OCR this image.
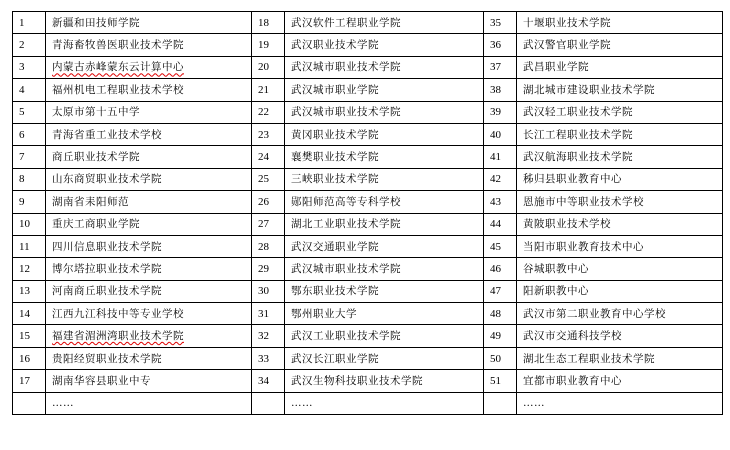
1	新疆和田技师学院	18	武汉软件工程职业学院	35	十堰职业技术学院
2	青海畜牧兽医职业技术学院	19	武汉职业技术学院	36	武汉警官职业学院
3	内蒙古赤峰蒙东云计算中心	20	武汉城市职业技术学院	37	武昌职业学院
4	福州机电工程职业技术学校	21	武汉城市职业学院	38	湖北城市建设职业技术学院
5	太原市第十五中学	22	武汉城市职业技术学院	39	武汉轻工职业技术学院
6	青海省重工业技术学校	23	黄冈职业技术学院	40	长江工程职业技术学院
7	商丘职业技术学院	24	襄樊职业技术学院	41	武汉航海职业技术学院
8	山东商贸职业技术学院	25	三峡职业技术学院	42	秭归县职业教育中心
9	湖南省耒阳师范	26	郧阳师范高等专科学校	43	恩施市中等职业技术学校
10	重庆工商职业学院	27	湖北工业职业技术学院	44	黄陂职业技术学校
11	四川信息职业技术学院	28	武汉交通职业学院	45	当阳市职业教育技术中心
12	博尔塔拉职业技术学院	29	武汉城市职业技术学院	46	谷城职教中心
13	河南商丘职业技术学院	30	鄂东职业技术学院	47	阳新职教中心
14	江西九江科技中等专业学校	31	鄂州职业大学	48	武汉市第二职业教育中心学校
15	福建省湄洲湾职业技术学院	32	武汉工业职业技术学院	49	武汉市交通科技学校
16	贵阳经贸职业技术学院	33	武汉长江职业学院	50	湖北生态工程职业技术学院
17	湖南华容县职业中专	34	武汉生物科技职业技术学院	51	宜都市职业教育中心
	……		……		……
